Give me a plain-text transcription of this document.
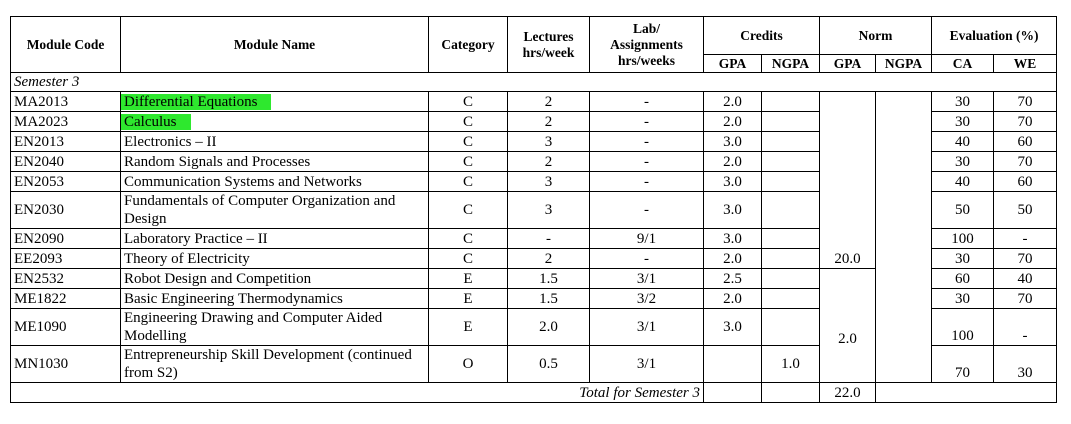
Module Code	Module Name	Category	Lectures hrs/week	Lab/ Assignments hrs/weeks	Credits		Norm		Evaluation (%)	
					GPA	NGPA	GPA	NGPA	CA	WE
Semester 3										
MA2013	Differential Equations	C	2	-	2.0		20.0		30	70
MA2023	Calculus	C	2	-	2.0				30	70
EN2013	Electronics – II	C	3	-	3.0				40	60
EN2040	Random Signals and Processes	C	2	-	2.0				30	70
EN2053	Communication Systems and Networks	C	3	-	3.0				40	60
EN2030	Fundamentals of Computer Organization and Design	C	3	-	3.0				50	50
EN2090	Laboratory Practice – II	C	-	9/1	3.0				100	-
EE2093	Theory of Electricity	C	2	-	2.0				30	70
EN2532	Robot Design and Competition	E	1.5	3/1	2.5		2.0		60	40
ME1822	Basic Engineering Thermodynamics	E	1.5	3/2	2.0				30	70
ME1090	Engineering Drawing and Computer Aided Modelling	E	2.0	3/1	3.0				100	-
MN1030	Entrepreneurship Skill Development (continued from S2)	O	0.5	3/1		1.0			70	30
Total for Semester 3							22.0			
